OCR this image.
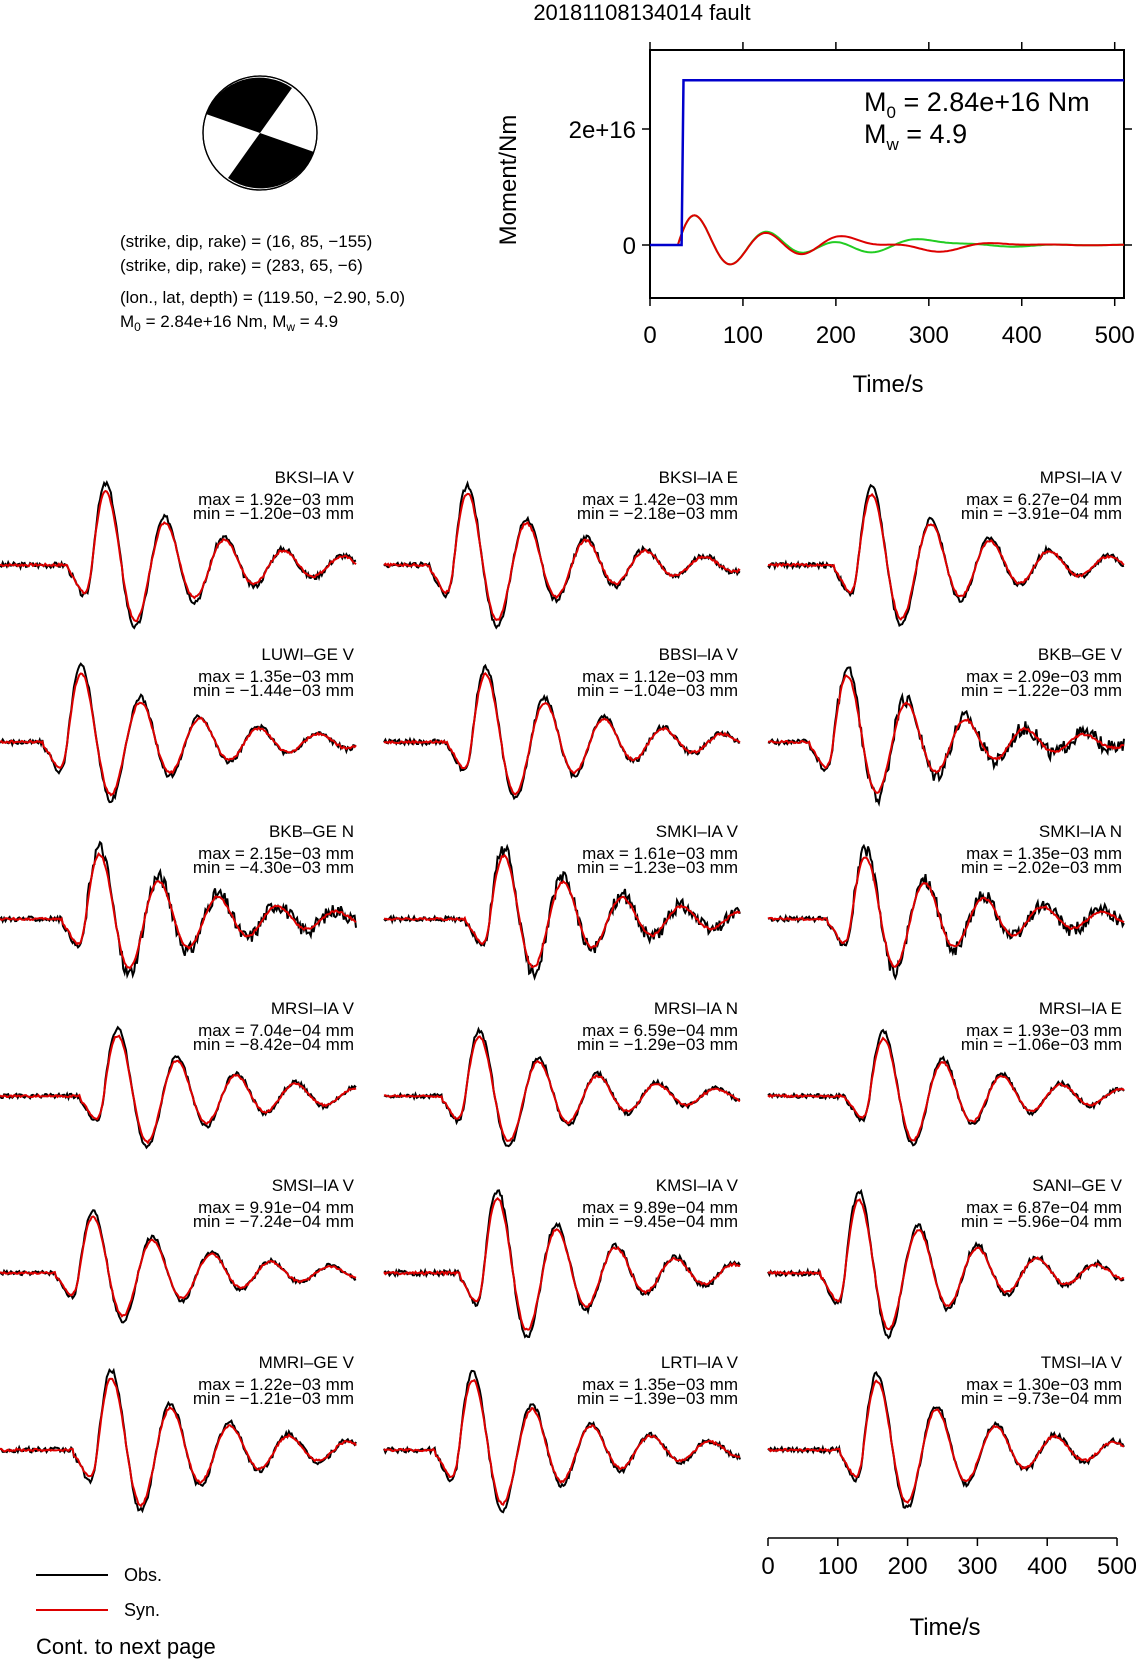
20181108134014 fault
(strike, dip, rake) = (16, 85, −155)
(strike, dip, rake) = (283, 65, −6)
(lon., lat, depth) = (119.50, −2.90, 5.0)
$M_0 = 2.84e+16$ Nm, $M_w = 4.9$
0	100 200 300 400 500
0
2e+16
$M_0 = 2.84e+16$ Nm
$M_w = 4.9$
Time/s
Moment/Nm
BKSI–IA V
max = 1.92e−03 mm
min = −1.20e−03 mm
BKSI–IA E
max = 1.42e−03 mm
min = −2.18e−03 mm
MPSI–IA V
max = 6.27e−04 mm
min = −3.91e−04 mm
LUWI–GE V
max = 1.35e−03 mm
min = −1.44e−03 mm
BBSI–IA V
max = 1.12e−03 mm
min = −1.04e−03 mm
BKB–GE V
max = 2.09e−03 mm
min = −1.22e−03 mm
BKB–GE N
max = 2.15e−03 mm
min = −4.30e−03 mm
SMKI–IA V
max = 1.61e−03 mm
min = −1.23e−03 mm
SMKI–IA N
max = 1.35e−03 mm
min = −2.02e−03 mm
MRSI–IA V
max = 7.04e−04 mm
min = −8.42e−04 mm
MRSI–IA N
max = 6.59e−04 mm
min = −1.29e−03 mm
MRSI–IA E
max = 1.93e−03 mm
min = −1.06e−03 mm
SMSI–IA V
max = 9.91e−04 mm
min = −7.24e−04 mm
KMSI–IA V
max = 9.89e−04 mm
min = −9.45e−04 mm
SANI–GE V
max = 6.87e−04 mm
min = −5.96e−04 mm
MMRI–GE V
max = 1.22e−03 mm
min = −1.21e−03 mm
LRTI–IA V
max = 1.35e−03 mm
min = −1.39e−03 mm
TMSI–IA V
max = 1.30e−03 mm
min = −9.73e−04 mm
0 100 200 300 400 500
Time/s
Obs.
Syn.
Cont. to next page
